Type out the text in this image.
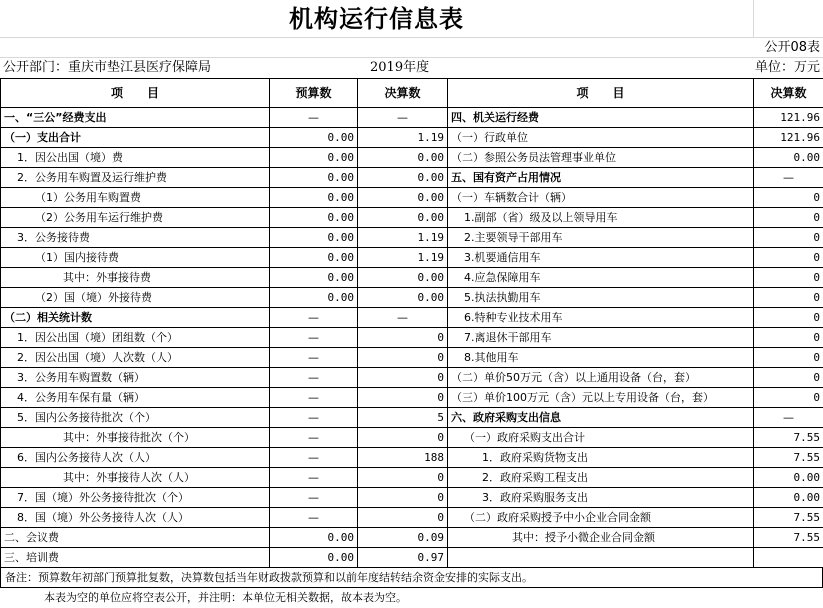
机构运行信息表
公开08表
公开部门：重庆市垫江县医疗保障局	2019年度	单位：万元
项　　目	预算数	决算数	项　　目	决算数
一、“三公”经费支出	—	—	四、机关运行经费	121.96
（一）支出合计	0.00	1.19	（一）行政单位	121.96
1．因公出国（境）费	0.00	0.00	（二）参照公务员法管理事业单位	0.00
2．公务用车购置及运行维护费	0.00	0.00	五、国有资产占用情况	—
（1）公务用车购置费	0.00	0.00	（一）车辆数合计（辆）	0
（2）公务用车运行维护费	0.00	0.00	1.副部（省）级及以上领导用车	0
3．公务接待费	0.00	1.19	2.主要领导干部用车	0
（1）国内接待费	0.00	1.19	3.机要通信用车	0
其中：外事接待费	0.00	0.00	4.应急保障用车	0
（2）国（境）外接待费	0.00	0.00	5.执法执勤用车	0
（二）相关统计数	—	—	6.特种专业技术用车	0
1．因公出国（境）团组数（个）	—	0	7.离退休干部用车	0
2．因公出国（境）人次数（人）	—	0	8.其他用车	0
3．公务用车购置数（辆）	—	0	（二）单价50万元（含）以上通用设备（台，套）	0
4．公务用车保有量（辆）	—	0	（三）单价100万元（含）元以上专用设备（台，套）	0
5．国内公务接待批次（个）	—	5	六、政府采购支出信息	—
其中：外事接待批次（个）	—	0	（一）政府采购支出合计	7.55
6．国内公务接待人次（人）	—	188	1．政府采购货物支出	7.55
其中：外事接待人次（人）	—	0	2．政府采购工程支出	0.00
7．国（境）外公务接待批次（个）	—	0	3．政府采购服务支出	0.00
8．国（境）外公务接待人次（人）	—	0	（二）政府采购授予中小企业合同金额	7.55
二、会议费	0.00	0.09	其中：授予小微企业合同金额	7.55
三、培训费	0.00	0.97		
备注：预算数年初部门预算批复数，决算数包括当年财政拨款预算和以前年度结转结余资金安排的实际支出。
本表为空的单位应将空表公开，并注明：本单位无相关数据，故本表为空。
